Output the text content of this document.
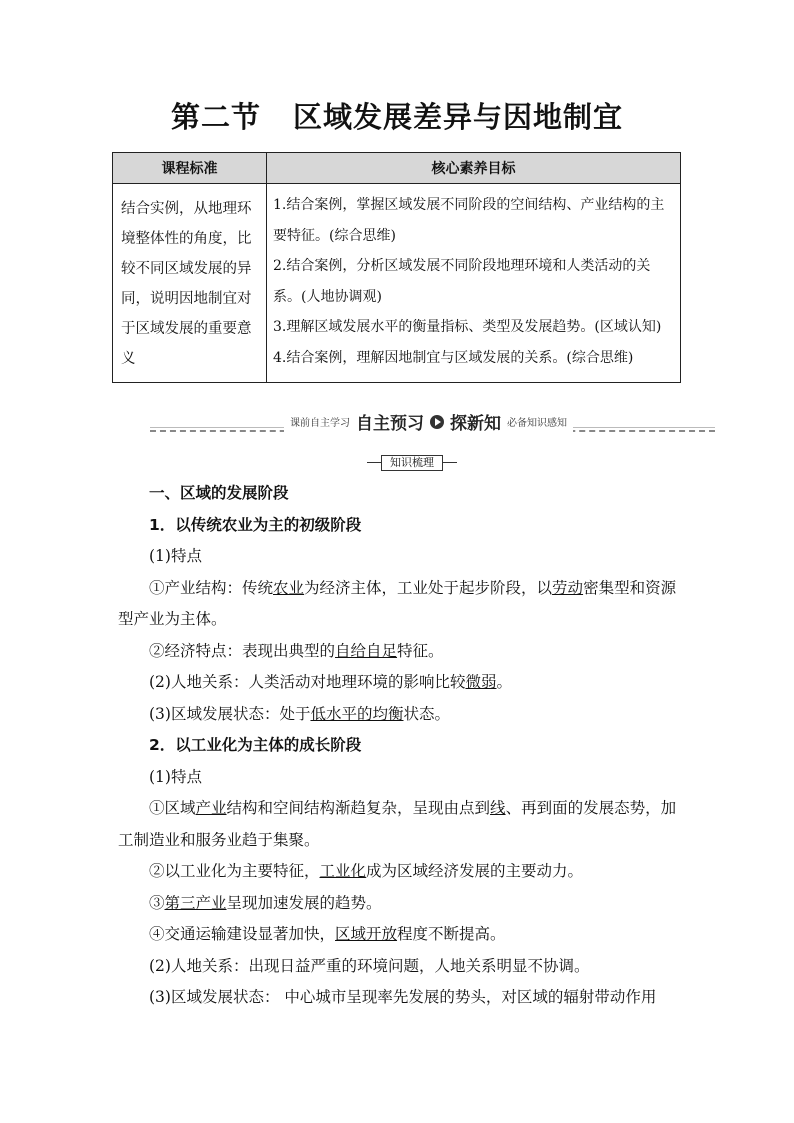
第二节 区域发展差异与因地制宜
课程标准	核心素养目标
结合实例，从地理环境整体性的角度，比较不同区域发展的异同，说明因地制宜对于区域发展的重要意义	1.结合案例，掌握区域发展不同阶段的空间结构、产业结构的主要特征。(综合思维)
2.结合案例，分析区域发展不同阶段地理环境和人类活动的关系。(人地协调观)
3.理解区域发展水平的衡量指标、类型及发展趋势。(区域认知)
4.结合案例，理解因地制宜与区域发展的关系。(综合思维)
课前自主学习 自主预习 探新知 必备知识感知
知识梳理

一、区域的发展阶段

1．以传统农业为主的初级阶段

(1)特点

①产业结构：传统农业为经济主体，工业处于起步阶段，以劳动密集型和资源型产业为主体。

②经济特点：表现出典型的自给自足特征。

(2)人地关系：人类活动对地理环境的影响比较微弱。

(3)区域发展状态：处于低水平的均衡状态。

2．以工业化为主体的成长阶段

(1)特点

①区域产业结构和空间结构渐趋复杂，呈现由点到线、再到面的发展态势，加工制造业和服务业趋于集聚。

②以工业化为主要特征，工业化成为区域经济发展的主要动力。

③第三产业呈现加速发展的趋势。

④交通运输建设显著加快，区域开放程度不断提高。

(2)人地关系：出现日益严重的环境问题，人地关系明显不协调。

(3)区域发展状态： 中心城市呈现率先发展的势头，对区域的辐射带动作用
